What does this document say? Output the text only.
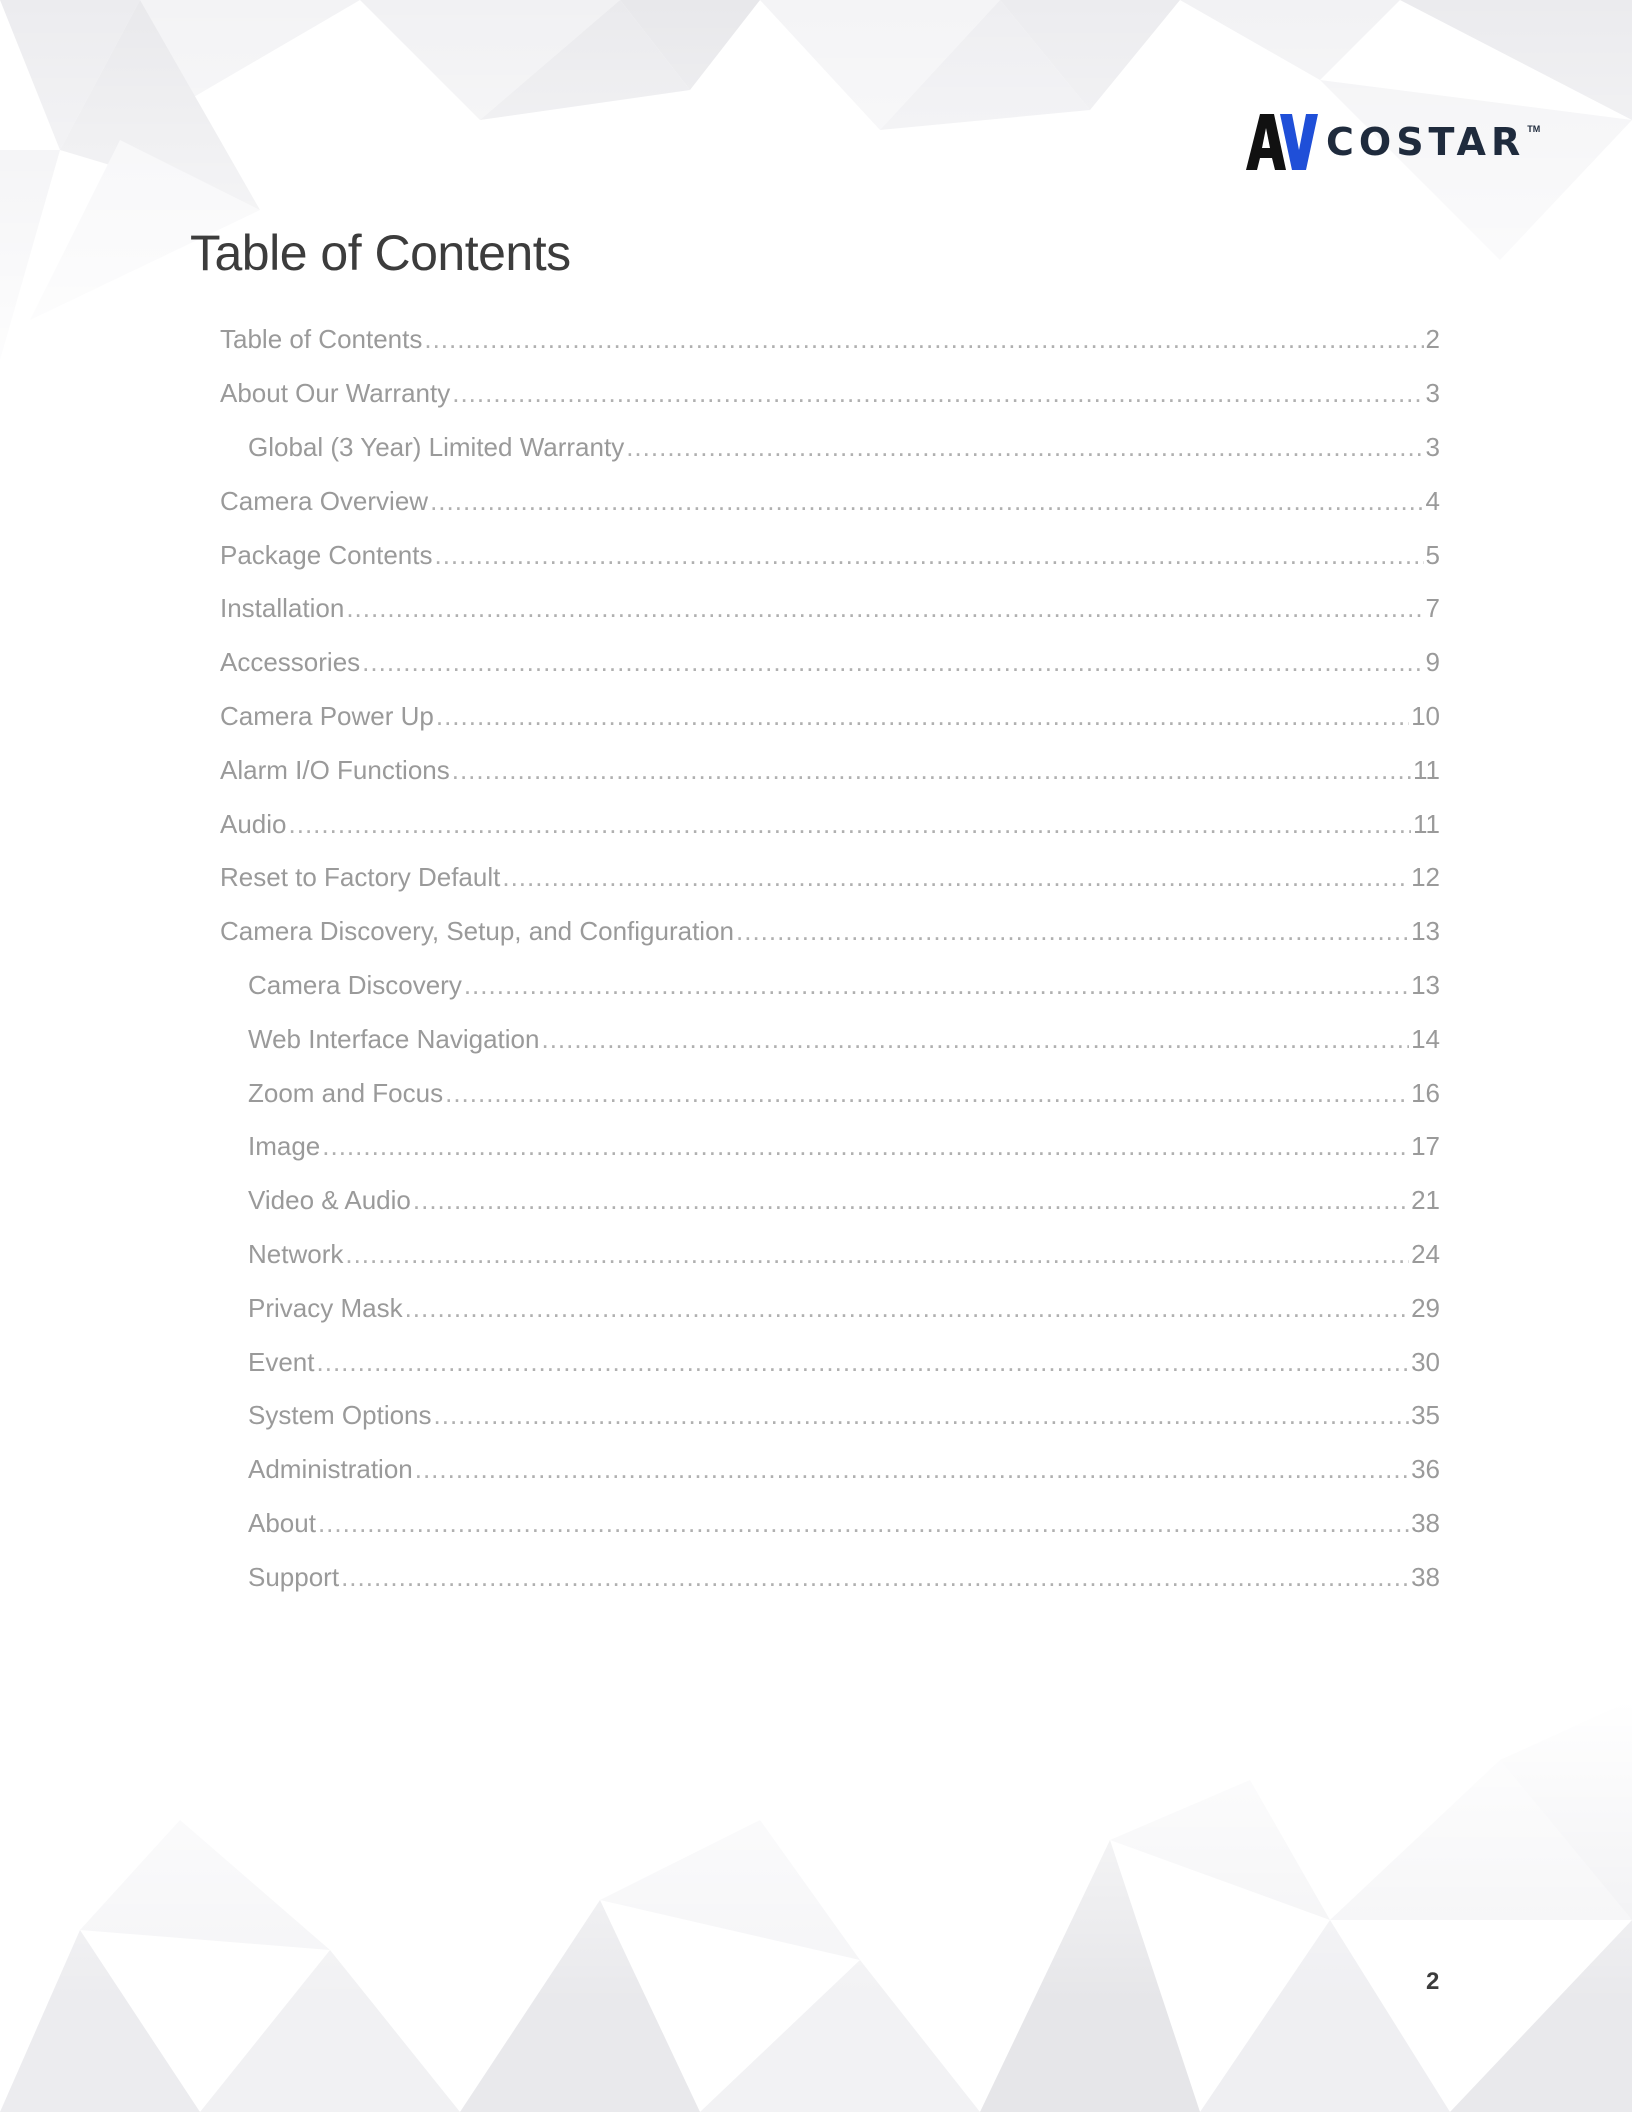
COSTAR TM
Table of Contents
Table of Contents .....	2
About Our Warranty .....	3
Global (3 Year) Limited Warranty .....	3
Camera Overview .....	4
Package Contents .....	5
Installation .....	7
Accessories .....	9
Camera Power Up .....	10
Alarm I/O Functions .....	11
Audio .....	11
Reset to Factory Default .....	12
Camera Discovery, Setup, and Configuration .....	13
Camera Discovery .....	13
Web Interface Navigation .....	14
Zoom and Focus .....	16
Image .....	17
Video & Audio .....	21
Network .....	24
Privacy Mask .....	29
Event .....	30
System Options .....	35
Administration .....	36
About .....	38
Support .....	38
2
